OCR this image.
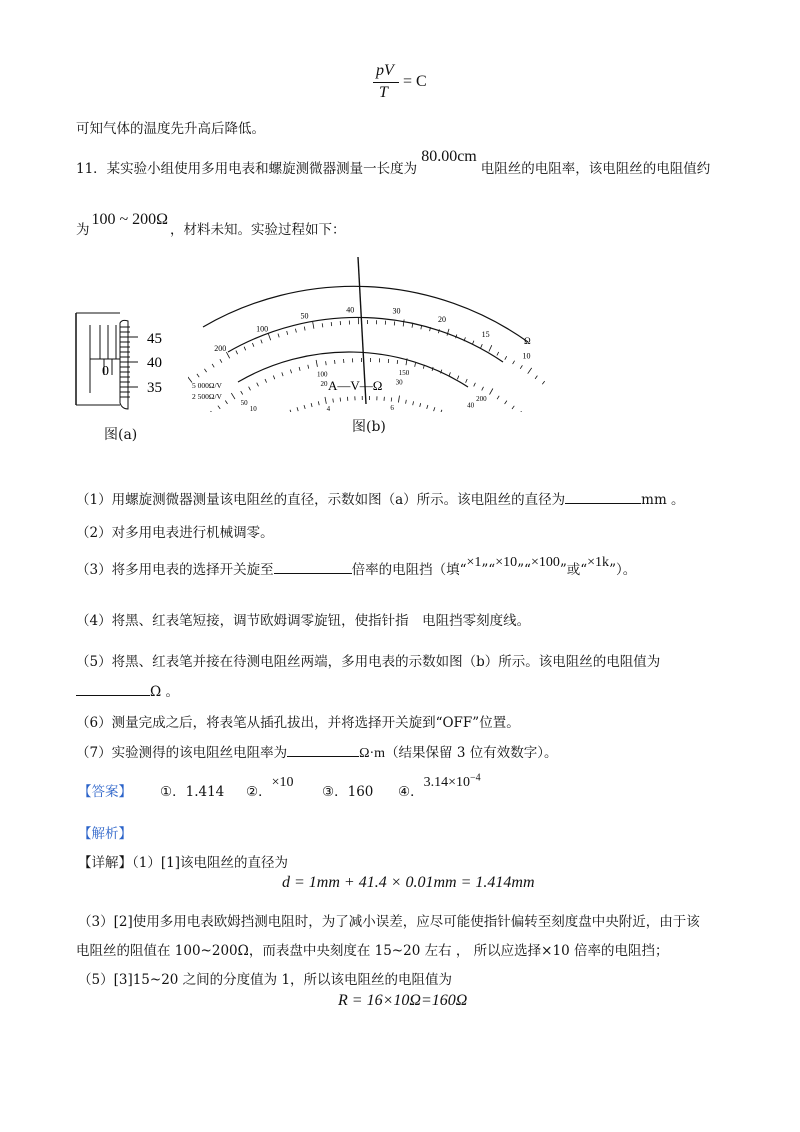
pV
T
= C
可知气体的温度先升高后降低。
11．某实验小组使用多用电表和螺旋测微器测量一长度为80.00cm电阻丝的电阻率，该电阻丝的电阻值约
为100 ~ 200Ω，材料未知。实验过程如下：
0
45
40
35
图(a)
200
100
50
40	30
20
15
10
50
100	150
200
10
20	30
40
4	6
Ω
A—V—Ω
5 000Ω/V
2 500Ω/V
图(b)
（1）用螺旋测微器测量该电阻丝的直径，示数如图（a）所示。该电阻丝的直径为	mm 。
（2）对多用电表进行机械调零。
（3）将多用电表的选择开关旋至	倍率的电阻挡（填“×1”“×10”“×100”或“×1k”）。
（4）将黑、红表笔短接，调节欧姆调零旋钮，使指针指　电阻挡零刻度线。
（5）将黑、红表笔并接在待测电阻丝两端，多用电表的示数如图（b）所示。该电阻丝的电阻值为
Ω 。
（6）测量完成之后，将表笔从插孔拔出，并将选择开关旋到“OFF”位置。
（7）实验测得的该电阻丝电阻率为	Ω·m（结果保留 3 位有效数字）。
【答案】 ①．1.414 ②．×10
③．160 ④．$3.14\times 10^{-4}$
【解析】
【详解】（1）[1]该电阻丝的直径为
d = 1mm + 41.4 × 0.01mm = 1.414mm
（3）[2]使用多用电表欧姆挡测电阻时，为了减小误差，应尽可能使指针偏转至刻度盘中央附近，由于该
电阻丝的阻值在 100~200Ω，而表盘中央刻度在 15~20 左右 ， 所以应选择×10 倍率的电阻挡；
（5）[3]15~20 之间的分度值为 1，所以该电阻丝的电阻值为
R = 16×10Ω=160Ω
